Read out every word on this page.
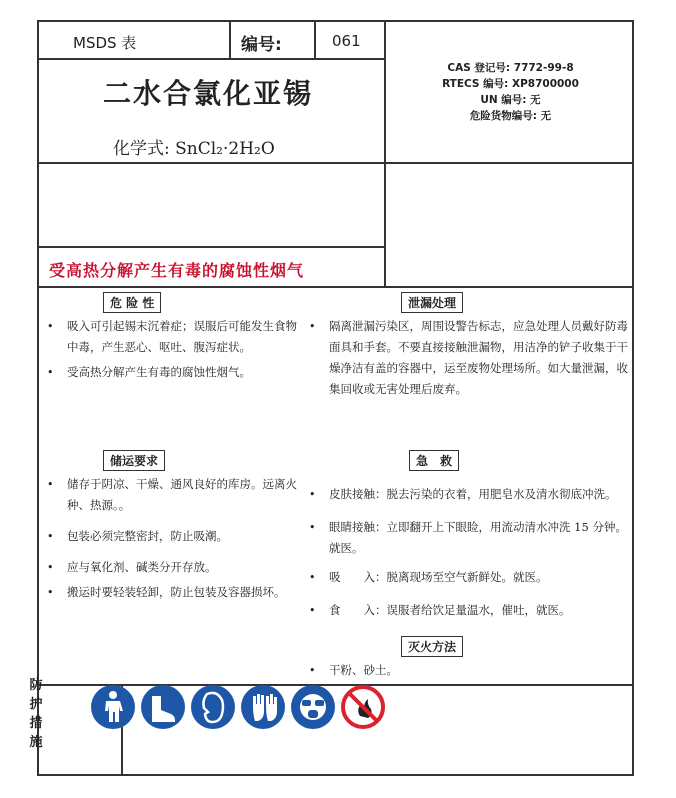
MSDS 表	编号:	061
二水合氯化亚锡
化学式: SnCl₂·2H₂O
CAS 登记号: 7772-99-8
RTECS 编号: XP8700000
UN 编号: 无
危险货物编号: 无
受高热分解产生有毒的腐蚀性烟气
危 险 性
• 吸入可引起锡末沉着症；误服后可能发生食物中毒，产生恶心、呕吐、腹泻症状。
• 受高热分解产生有毒的腐蚀性烟气。
泄漏处理
• 隔离泄漏污染区，周围设警告标志，应急处理人员戴好防毒面具和手套。不要直接接触泄漏物，用洁净的铲子收集于干燥净洁有盖的容器中，运至废物处理场所。如大量泄漏，收集回收或无害处理后废弃。
储运要求
• 储存于阴凉、干燥、通风良好的库房。远离火种、热源。。
• 包装必须完整密封，防止吸潮。
• 应与氧化剂、碱类分开存放。
• 搬运时要轻装轻卸，防止包装及容器损坏。
急　救
• 皮肤接触：脱去污染的衣着，用肥皂水及清水彻底冲洗。
• 眼睛接触：立即翻开上下眼睑，用流动清水冲洗 15 分钟。就医。
• 吸　　入：脱离现场至空气新鲜处。就医。
• 食　　入：误服者给饮足量温水，催吐，就医。
灭火方法
• 干粉、砂土。
防护措施
